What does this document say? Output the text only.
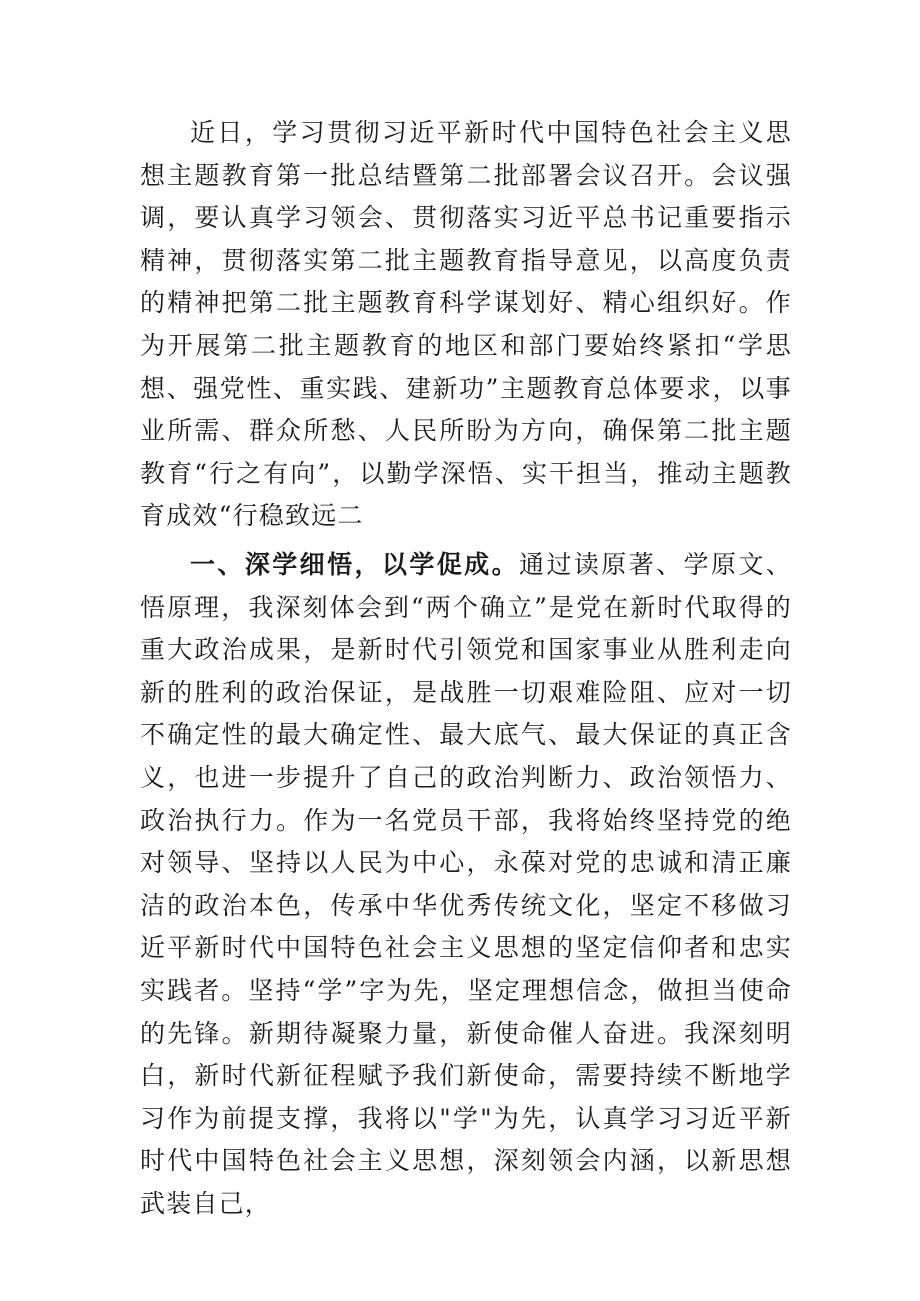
近日，学习贯彻习近平新时代中国特色社会主义思想主题教育第一批总结暨第二批部署会议召开。会议强调，要认真学习领会、贯彻落实习近平总书记重要指示精神，贯彻落实第二批主题教育指导意见，以高度负责的精神把第二批主题教育科学谋划好、精心组织好。作为开展第二批主题教育的地区和部门要始终紧扣“学思想、强党性、重实践、建新功”主题教育总体要求，以事业所需、群众所愁、人民所盼为方向，确保第二批主题教育“行之有向”，以勤学深悟、实干担当，推动主题教育成效“行稳致远二

一、深学细悟，以学促成。通过读原著、学原文、悟原理，我深刻体会到“两个确立”是党在新时代取得的重大政治成果，是新时代引领党和国家事业从胜利走向新的胜利的政治保证，是战胜一切艰难险阻、应对一切不确定性的最大确定性、最大底气、最大保证的真正含义，也进一步提升了自己的政治判断力、政治领悟力、政治执行力。作为一名党员干部，我将始终坚持党的绝对领导、坚持以人民为中心，永葆对党的忠诚和清正廉洁的政治本色，传承中华优秀传统文化，坚定不移做习近平新时代中国特色社会主义思想的坚定信仰者和忠实实践者。坚持“学”字为先，坚定理想信念，做担当使命的先锋。新期待凝聚力量，新使命催人奋进。我深刻明白，新时代新征程赋予我们新使命，需要持续不断地学习作为前提支撑，我将以"学"为先，认真学习习近平新时代中国特色社会主义思想，深刻领会内涵，以新思想武装自己，
